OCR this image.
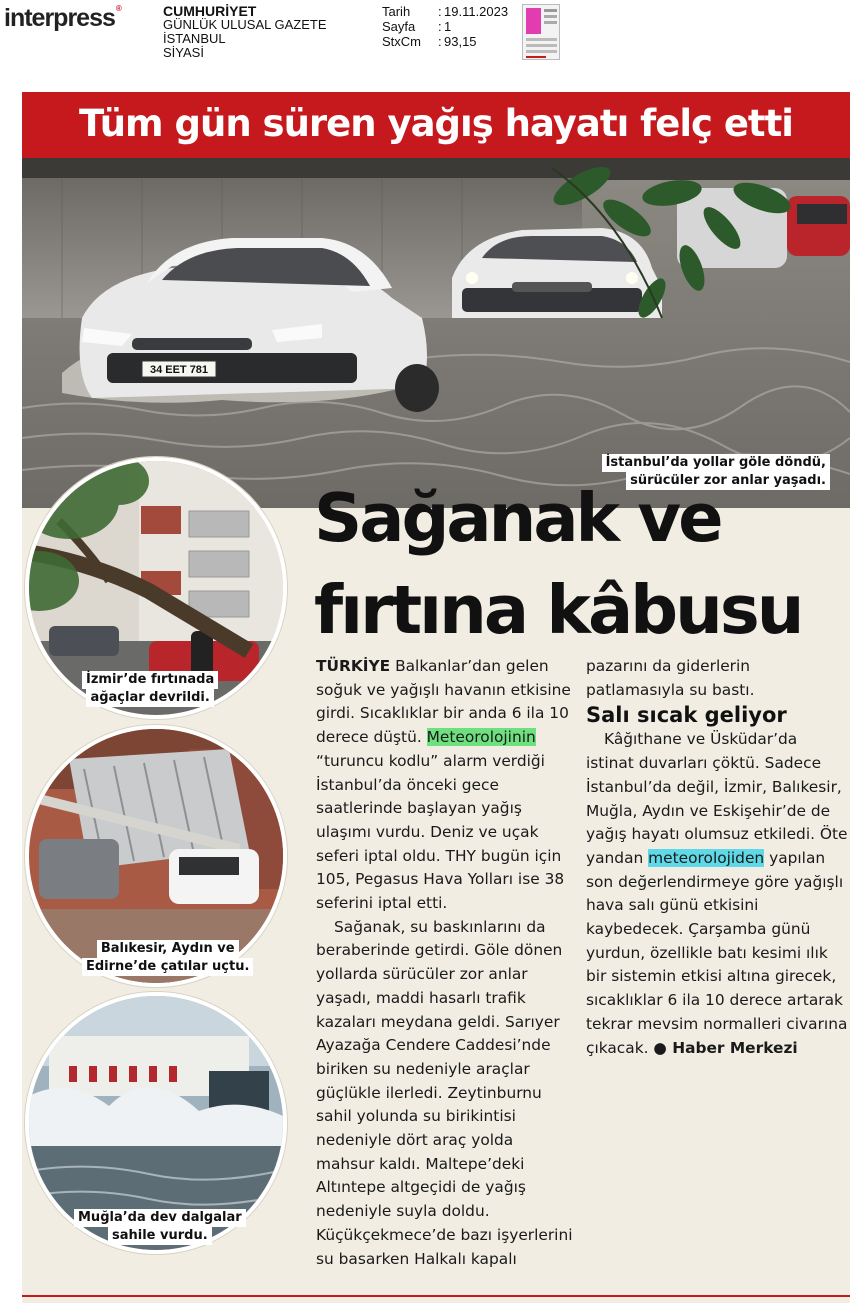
interpress®	CUMHURİYET
GÜNLÜK ULUSAL GAZETE
İSTANBUL
SİYASİ
Tarih	: 19.11.2023
Sayfa	: 1
StxCm	: 93,15
Tüm gün süren yağış hayatı felç etti
34 EET 781
İstanbul’da yollar göle döndü,
sürücüler zor anlar yaşadı.
İzmir’de fırtınada
ağaçlar devrildi.
Balıkesir, Aydın ve
Edirne’de çatılar uçtu.
Muğla’da dev dalgalar
sahile vurdu.
Sağanak ve
fırtına kâbusu

TÜRKİYE Balkanlar’dan gelen soğuk ve yağışlı havanın etkisine girdi. Sıcaklıklar bir anda 6 ila 10 derece düştü. Meteorolojinin “turuncu kodlu” alarm verdiği İstanbul’da önceki gece saatlerinde başlayan yağış ulaşımı vurdu. Deniz ve uçak seferi iptal oldu. THY bugün için 105, Pegasus Hava Yolları ise 38 seferini iptal etti.

Sağanak, su baskınlarını da beraberinde getirdi. Göle dönen yollarda sürücüler zor anlar yaşadı, maddi hasarlı trafik kazaları meydana geldi. Sarıyer Ayazağa Cendere Caddesi’nde biriken su nedeniyle araçlar güçlükle ilerledi. Zeytinburnu sahil yolunda su birikintisi nedeniyle dört araç yolda mahsur kaldı. Maltepe’deki Altıntepe altgeçidi de yağış nedeniyle suyla doldu. Küçükçekmece’de bazı işyerlerini su basarken Halkalı kapalı

pazarını da giderlerin patlamasıyla su bastı.

Salı sıcak geliyor

Kâğıthane ve Üsküdar’da istinat duvarları çöktü. Sadece İstanbul’da değil, İzmir, Balıkesir, Muğla, Aydın ve Eskişehir’de de yağış hayatı olumsuz etkiledi. Öte yandan meteorolojiden yapılan son değerlendirmeye göre yağışlı hava salı günü etkisini kaybedecek. Çarşamba günü yurdun, özellikle batı kesimi ılık bir sistemin etkisi altına girecek, sıcaklıklar 6 ila 10 derece artarak tekrar mevsim normalleri civarına çıkacak. ● Haber Merkezi
